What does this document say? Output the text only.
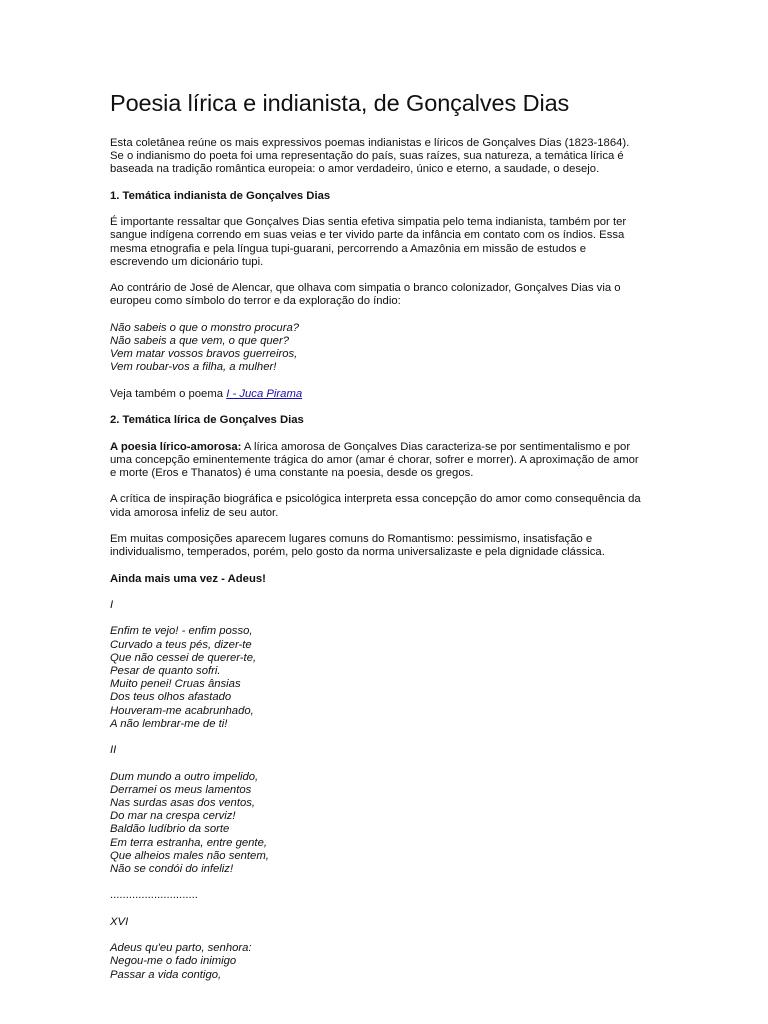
Poesia lírica e indianista, de Gonçalves Dias

Esta coletânea reúne os mais expressivos poemas indianistas e líricos de Gonçalves Dias (1823-1864).
Se o indianismo do poeta foi uma representação do país, suas raízes, sua natureza, a temática lírica é
baseada na tradição romântica europeia: o amor verdadeiro, único e eterno, a saudade, o desejo.

1. Temática indianista de Gonçalves Dias

É importante ressaltar que Gonçalves Dias sentia efetiva simpatia pelo tema indianista, também por ter
sangue indígena correndo em suas veias e ter vivido parte da infância em contato com os índios. Essa
mesma etnografia e pela língua tupi-guarani, percorrendo a Amazônia em missão de estudos e
escrevendo um dicionário tupi.

Ao contrário de José de Alencar, que olhava com simpatia o branco colonizador, Gonçalves Dias via o
europeu como símbolo do terror e da exploração do índio:

Não sabeis o que o monstro procura?
Não sabeis a que vem, o que quer?
Vem matar vossos bravos guerreiros,
Vem roubar-vos a filha, a mulher!

Veja também o poema I - Juca Pirama

2. Temática lírica de Gonçalves Dias

A poesia lírico-amorosa: A lírica amorosa de Gonçalves Dias caracteriza-se por sentimentalismo e por
uma concepção eminentemente trágica do amor (amar é chorar, sofrer e morrer). A aproximação de amor
e morte (Eros e Thanatos) é uma constante na poesia, desde os gregos.

A crítica de inspiração biográfica e psicológica interpreta essa concepção do amor como consequência da
vida amorosa infeliz de seu autor.

Em muitas composições aparecem lugares comuns do Romantismo: pessimismo, insatisfação e
individualismo, temperados, porém, pelo gosto da norma universalizaste e pela dignidade clássica.

Ainda mais uma vez - Adeus!

I

Enfim te vejo! - enfim posso,
Curvado a teus pés, dizer-te
Que não cessei de querer-te,
Pesar de quanto sofri.
Muito penei! Cruas ânsias
Dos teus olhos afastado
Houveram-me acabrunhado,
A não lembrar-me de ti!

II

Dum mundo a outro impelido,
Derramei os meus lamentos
Nas surdas asas dos ventos,
Do mar na crespa cerviz!
Baldão ludíbrio da sorte
Em terra estranha, entre gente,
Que alheios males não sentem,
Não se condói do infeliz!

............................

XVI

Adeus qu'eu parto, senhora:
Negou-me o fado inimigo
Passar a vida contigo,
